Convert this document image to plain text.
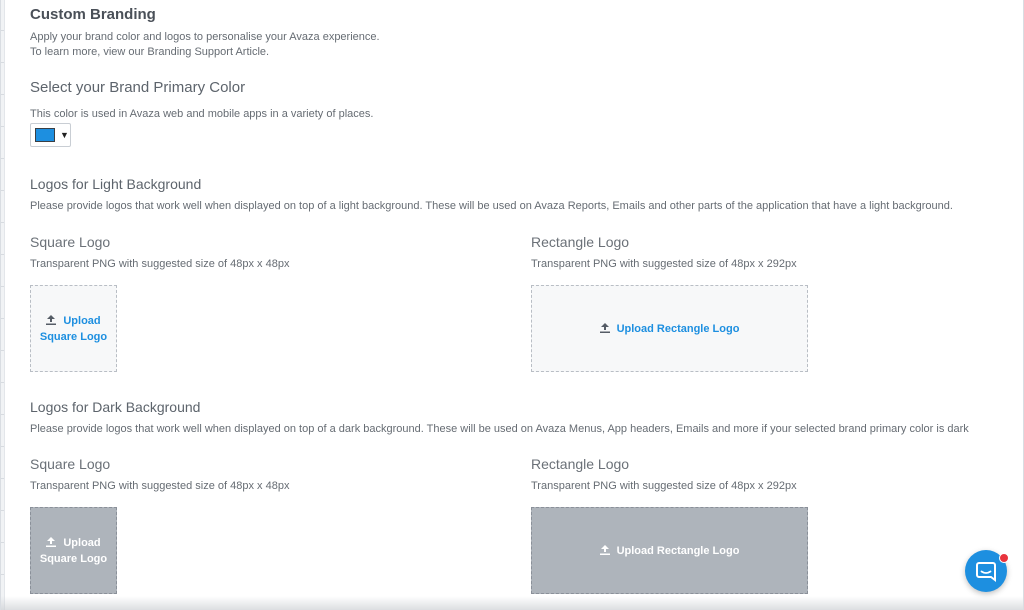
Custom Branding
Apply your brand color and logos to personalise your Avaza experience.
To learn more, view our Branding Support Article.
Select your Brand Primary Color
This color is used in Avaza web and mobile apps in a variety of places.
▼
Logos for Light Background
Please provide logos that work well when displayed on top of a light background. These will be used on Avaza Reports, Emails and other parts of the application that have a light background.
Square Logo
Transparent PNG with suggested size of 48px x 48px
Upload
Square Logo
Rectangle Logo
Transparent PNG with suggested size of 48px x 292px
Upload Rectangle Logo
Logos for Dark Background
Please provide logos that work well when displayed on top of a dark background. These will be used on Avaza Menus, App headers, Emails and more if your selected brand primary color is dark
Square Logo
Transparent PNG with suggested size of 48px x 48px
Upload
Square Logo
Rectangle Logo
Transparent PNG with suggested size of 48px x 292px
Upload Rectangle Logo
